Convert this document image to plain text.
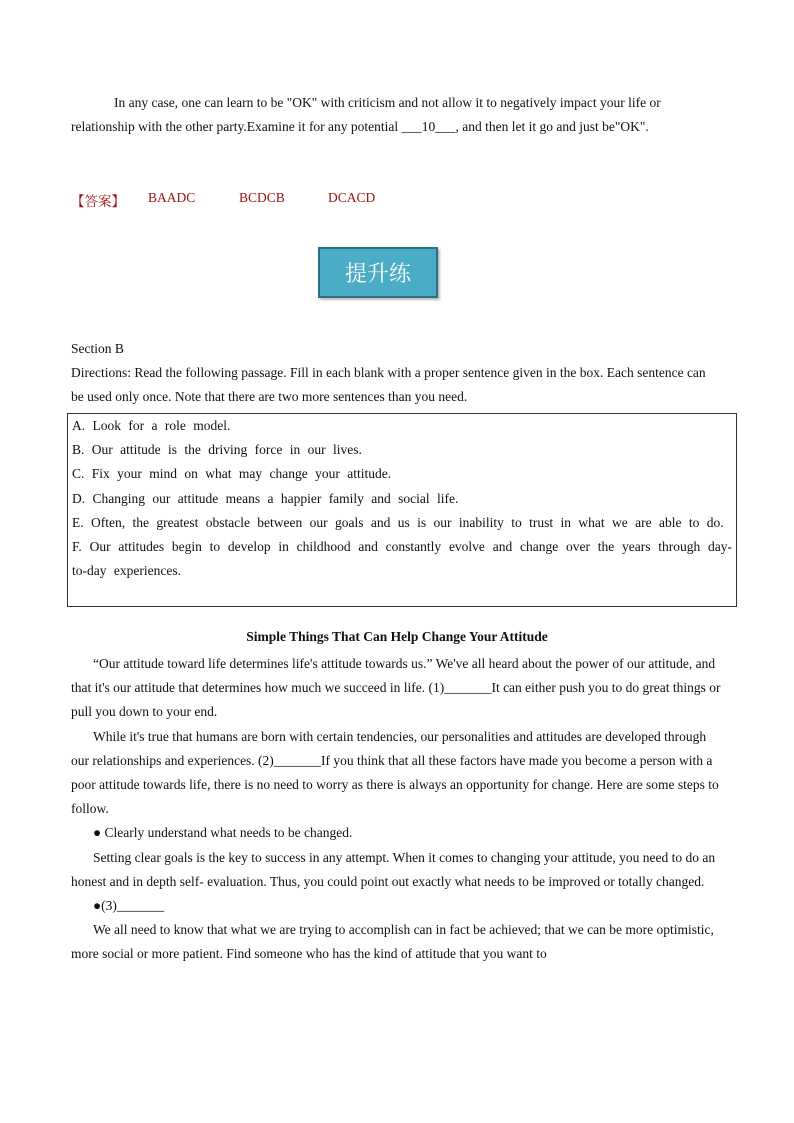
In any case, one can learn to be "OK" with criticism and not allow it to negatively impact your life or relationship with the other party.Examine it for any potential ___10___, and then let it go and just be"OK".
【答案】 BAADC	BCDCB	DCACD
提升练
Section B
Directions: Read the following passage. Fill in each blank with a proper sentence given in the box. Each sentence can be used only once. Note that there are two more sentences than you need.
A. Look for a role model.
B. Our attitude is the driving force in our lives.
C. Fix your mind on what may change your attitude.
D. Changing our attitude means a happier family and social life.
E. Often, the greatest obstacle between our goals and us is our inability to trust in what we are able to do.
F. Our attitudes begin to develop in childhood and constantly evolve and change over the years through day-to-day experiences.
Simple Things That Can Help Change Your Attitude
“Our attitude toward life determines life's attitude towards us.” We've all heard about the power of our attitude, and that it's our attitude that determines how much we succeed in life. (1)_______It can either push you to do great things or pull you down to your end.
While it's true that humans are born with certain tendencies, our personalities and attitudes are developed through our relationships and experiences. (2)_______If you think that all these factors have made you become a person with a poor attitude towards life, there is no need to worry as there is always an opportunity for change. Here are some steps to follow.
● Clearly understand what needs to be changed.
Setting clear goals is the key to success in any attempt. When it comes to changing your attitude, you need to do an honest and in depth self- evaluation. Thus, you could point out exactly what needs to be improved or totally changed.
●(3)_______
We all need to know that what we are trying to accomplish can in fact be achieved; that we can be more optimistic, more social or more patient. Find someone who has the kind of attitude that you want to
